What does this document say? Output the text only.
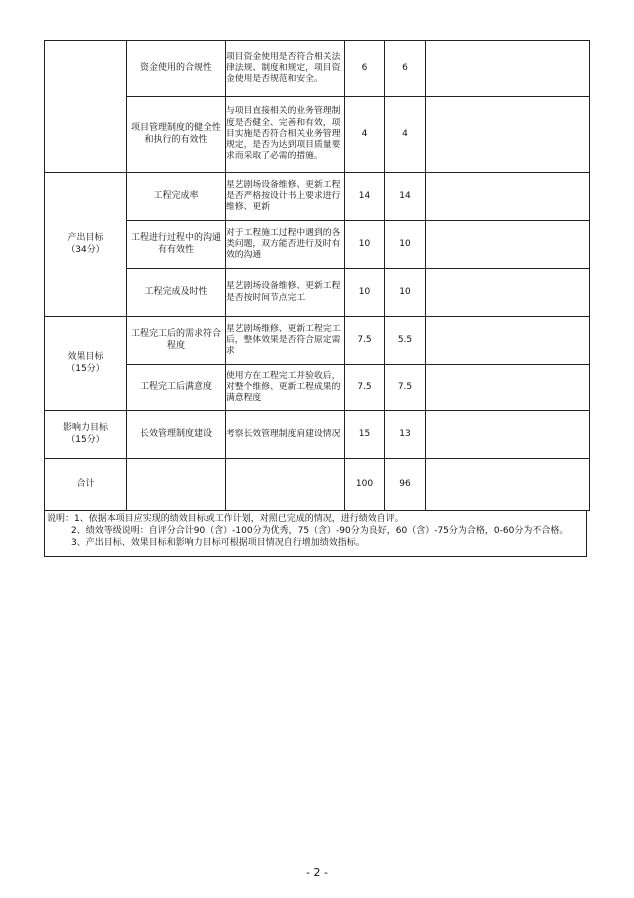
	资金使用的合规性	项目资金使用是否符合相关法律法规、制度和规定，项目资金使用是否规范和安全。	6	6	
	项目管理制度的健全性和执行的有效性	与项目直接相关的业务管理制度是否健全、完善和有效，项目实施是否符合相关业务管理规定，是否为达到项目质量要求而采取了必需的措施。	4	4	

产出目标
（34分）	工程完成率	星艺剧场设备维修、更新工程是否严格按设计书上要求进行维修、更新	14	14	
	工程进行过程中的沟通有有效性	对于工程施工过程中遇到的各类问题，双方能否进行及时有效的沟通	10	10	
	工程完成及时性	星艺剧场设备维修、更新工程是否按时间节点完工	10	10	

效果目标
（15分）	工程完工后的需求符合程度	星艺剧场维修、更新工程完工后，整体效果是否符合原定需求	7.5	5.5	
	工程完工后满意度	使用方在工程完工并验收后，对整个维修、更新工程成果的满意程度	7.5	7.5	

影响力目标
（15分）	长效管理制度建设	考察长效管理制度肩建设情况	15	13	
合计			100	96	
说明：1、依据本项目应实现的绩效目标或工作计划，对照已完成的情况，进行绩效自评。
2、绩效等级说明：自评分合计90（含）-100分为优秀，75（含）-90分为良好，60（含）-75分为合格，0-60分为不合格。
3、产出目标、效果目标和影响力目标可根据项目情况自行增加绩效指标。
- 2 -
